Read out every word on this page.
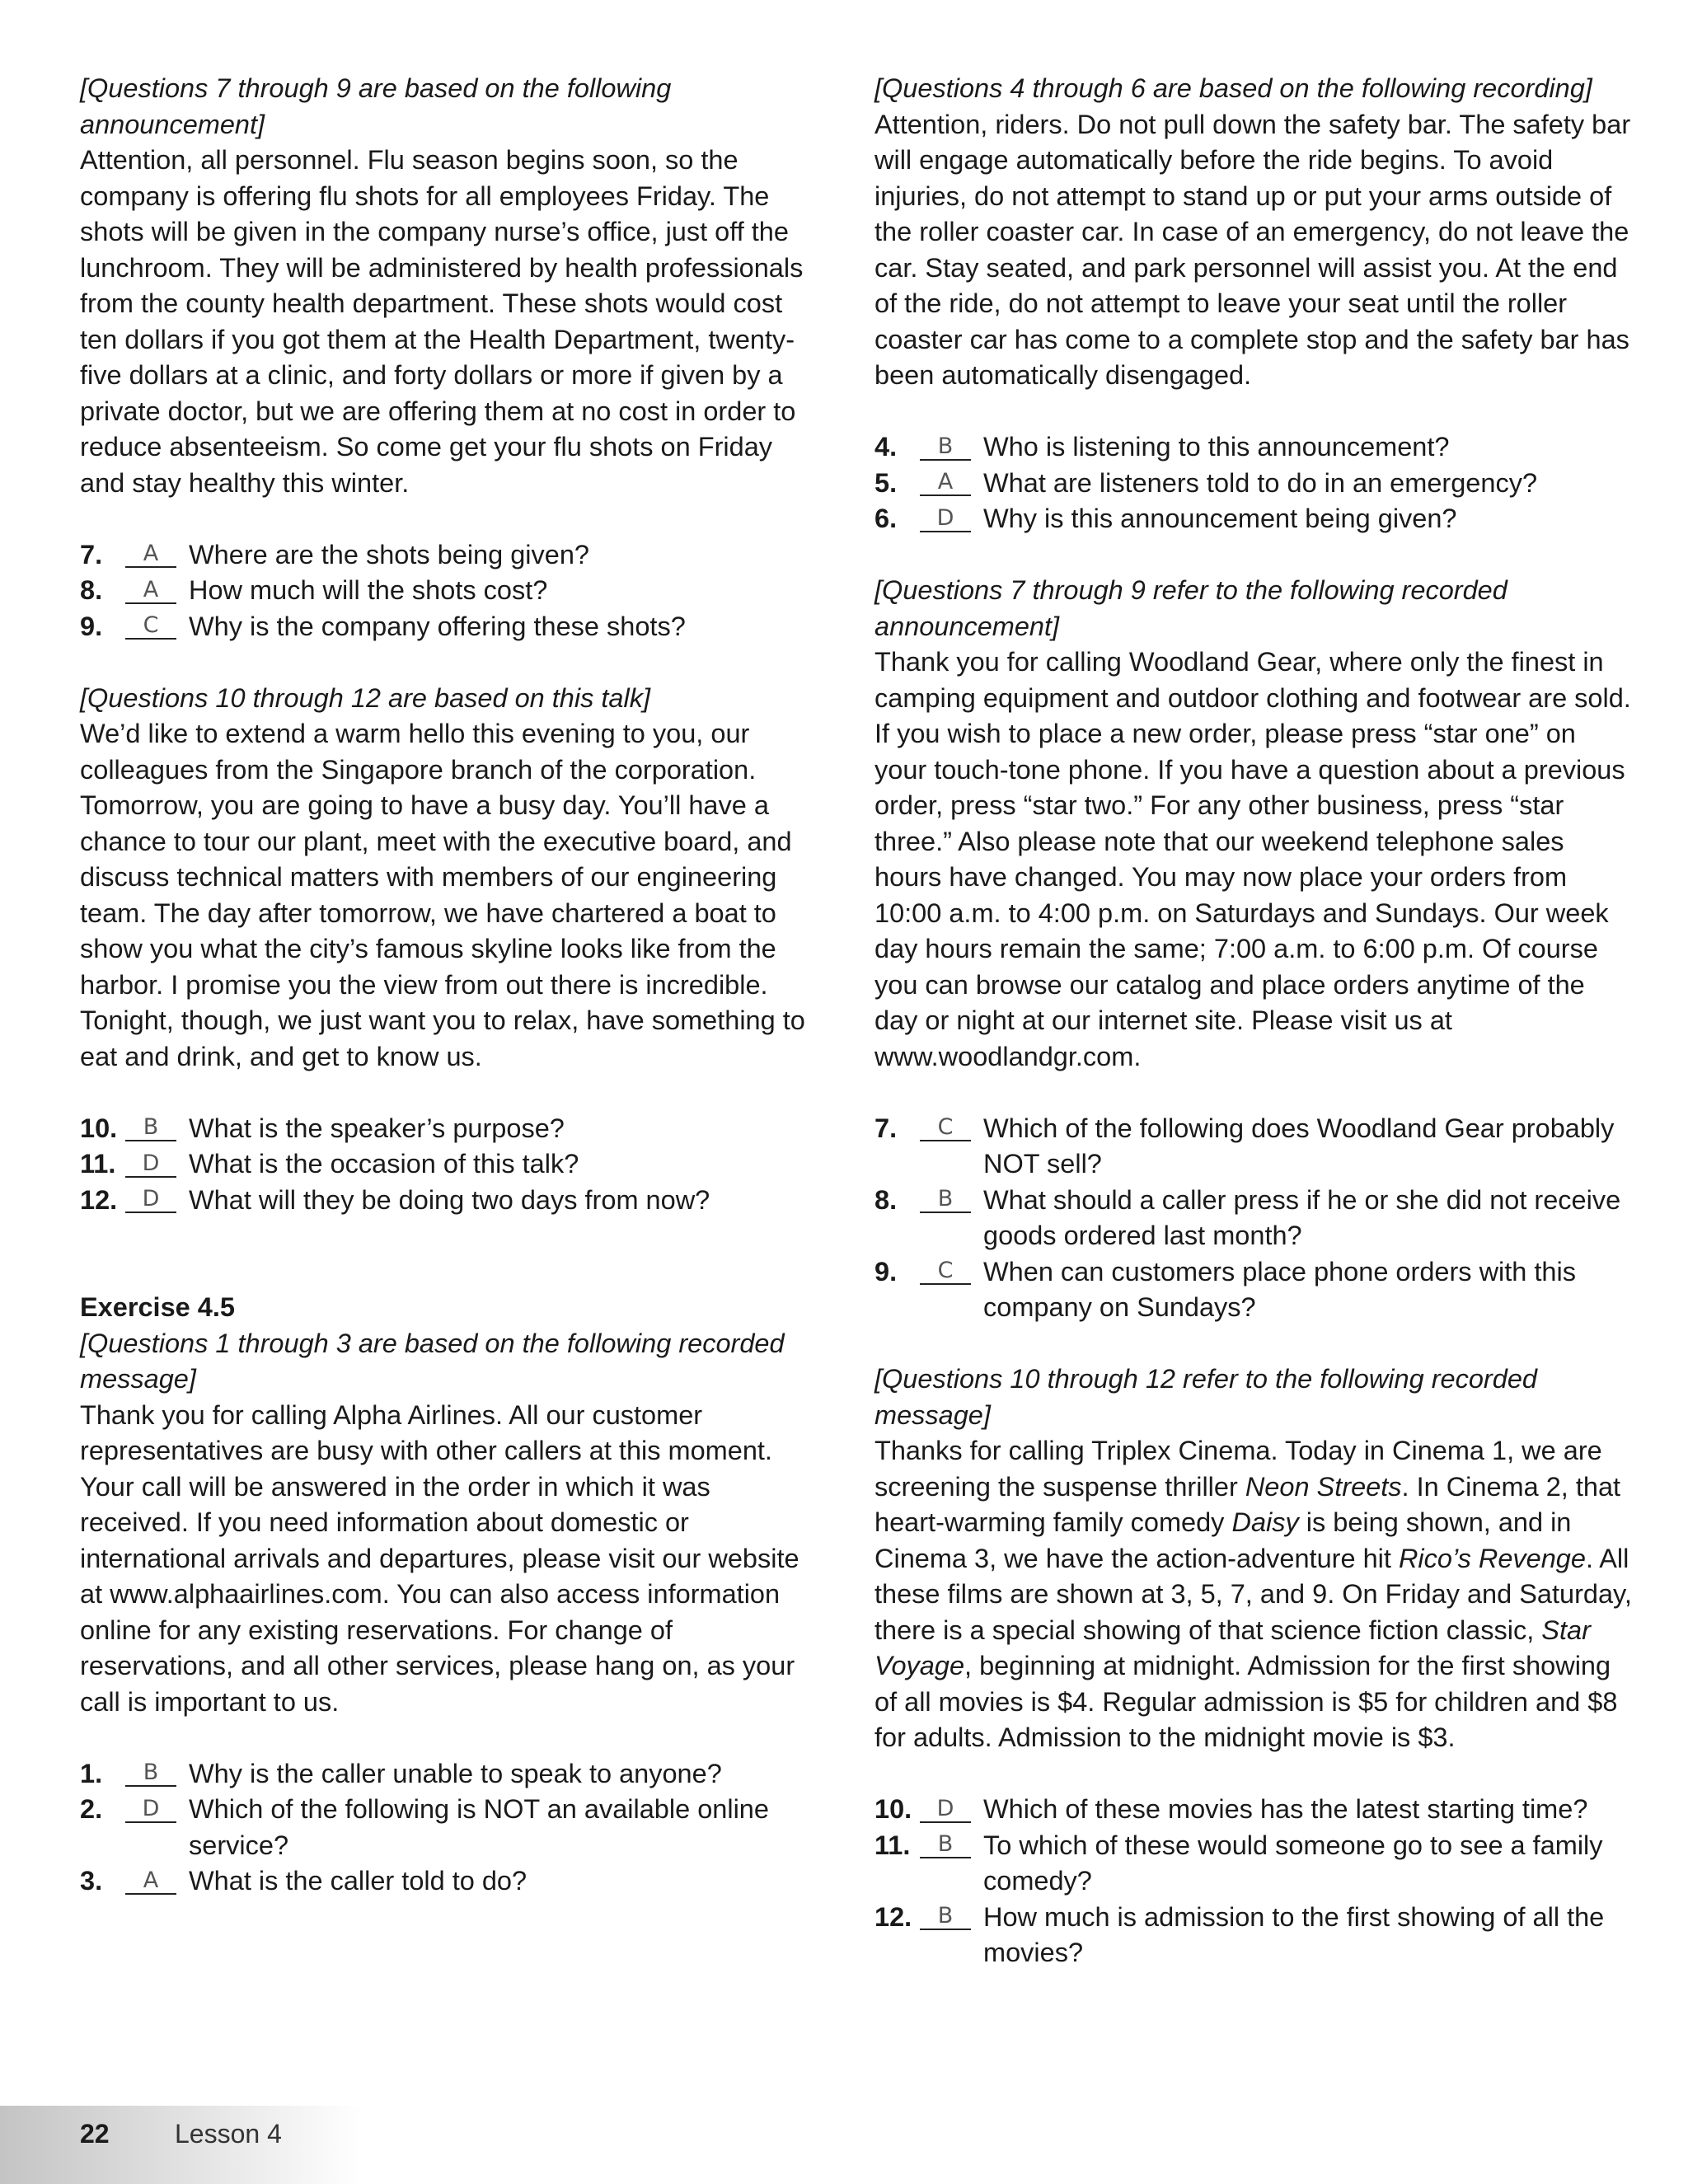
[Questions 7 through 9 are based on the following announcement]

Attention, all personnel. Flu season begins soon, so the company is offering flu shots for all employees Friday. The shots will be given in the company nurse’s office, just off the lunchroom. They will be administered by health professionals from the county health department. These shots would cost ten dollars if you got them at the Health Department, twenty-five dollars at a clinic, and forty dollars or more if given by a private doctor, but we are offering them at no cost in order to reduce absenteeism. So come get your flu shots on Friday and stay healthy this winter.

7.	A	Where are the shots being given?
8.	A	How much will the shots cost?
9.	C	Why is the company offering these shots?
[Questions 10 through 12 are based on this talk]

We’d like to extend a warm hello this evening to you, our colleagues from the Singapore branch of the corporation. Tomorrow, you are going to have a busy day. You’ll have a chance to tour our plant, meet with the executive board, and discuss technical matters with members of our engineering team. The day after tomorrow, we have chartered a boat to show you what the city’s famous skyline looks like from the harbor. I promise you the view from out there is incredible. Tonight, though, we just want you to relax, have something to eat and drink, and get to know us.

10.	B	What is the speaker’s purpose?
11.	D	What is the occasion of this talk?
12.	D	What will they be doing two days from now?
Exercise 4.5
[Questions 1 through 3 are based on the following recorded message]

Thank you for calling Alpha Airlines. All our customer representatives are busy with other callers at this moment. Your call will be answered in the order in which it was received. If you need information about domestic or international arrivals and departures, please visit our website at www.alphaairlines.com. You can also access information online for any existing reservations. For change of reservations, and all other services, please hang on, as your call is important to us.

1.	B	Why is the caller unable to speak to anyone?
2.	D	Which of the following is NOT an available online service?
3.	A	What is the caller told to do?
[Questions 4 through 6 are based on the following recording]

Attention, riders. Do not pull down the safety bar. The safety bar will engage automatically before the ride begins. To avoid injuries, do not attempt to stand up or put your arms outside of the roller coaster car. In case of an emergency, do not leave the car. Stay seated, and park personnel will assist you. At the end of the ride, do not attempt to leave your seat until the roller coaster car has come to a complete stop and the safety bar has been automatically disengaged.

4.	B	Who is listening to this announcement?
5.	A	What are listeners told to do in an emergency?
6.	D	Why is this announcement being given?
[Questions 7 through 9 refer to the following recorded announcement]

Thank you for calling Woodland Gear, where only the finest in camping equipment and outdoor clothing and footwear are sold. If you wish to place a new order, please press “star one” on your touch-tone phone. If you have a question about a previous order, press “star two.” For any other business, press “star three.” Also please note that our weekend telephone sales hours have changed. You may now place your orders from 10:00 a.m. to 4:00 p.m. on Saturdays and Sundays. Our week day hours remain the same; 7:00 a.m. to 6:00 p.m. Of course you can browse our catalog and place orders anytime of the day or night at our internet site. Please visit us at www.woodlandgr.com.

7.	C	Which of the following does Woodland Gear probably NOT sell?
8.	B	What should a caller press if he or she did not receive goods ordered last month?
9.	C	When can customers place phone orders with this company on Sundays?
[Questions 10 through 12 refer to the following recorded message]

Thanks for calling Triplex Cinema. Today in Cinema 1, we are screening the suspense thriller Neon Streets. In Cinema 2, that heart-warming family comedy Daisy is being shown, and in Cinema 3, we have the action-adventure hit Rico’s Revenge. All these films are shown at 3, 5, 7, and 9. On Friday and Saturday, there is a special showing of that science fiction classic, Star Voyage, beginning at midnight. Admission for the first showing of all movies is $4. Regular admission is $5 for children and $8 for adults. Admission to the midnight movie is $3.

10.	D	Which of these movies has the latest starting time?
11.	B	To which of these would someone go to see a family comedy?
12.	B	How much is admission to the first showing of all the movies?
22 Lesson 4
